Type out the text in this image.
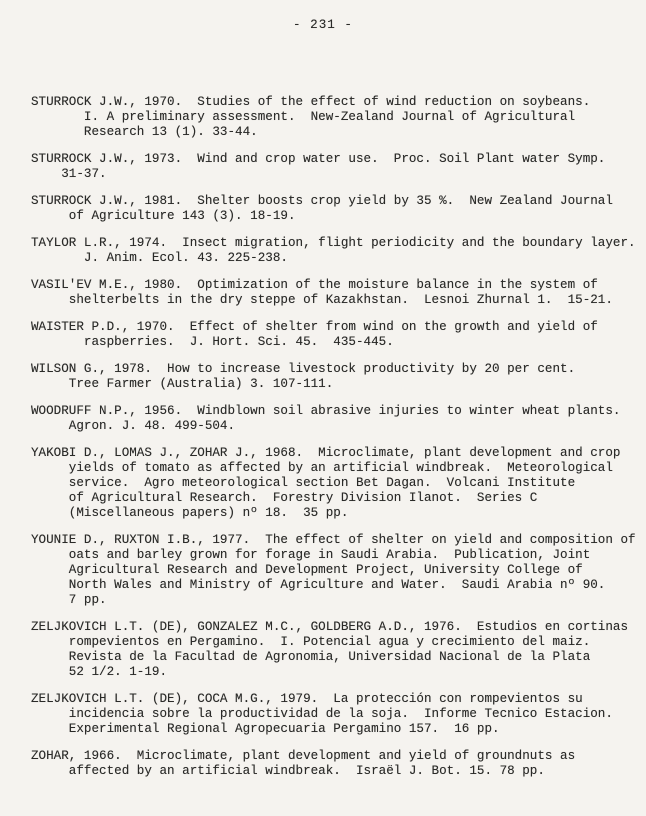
- 231 -
STURROCK J.W., 1970.  Studies of the effect of wind reduction on soybeans.
I. A preliminary assessment.  New-Zealand Journal of Agricultural
Research 13 (1). 33-44.
STURROCK J.W., 1973.  Wind and crop water use.  Proc. Soil Plant water Symp.
31-37.
STURROCK J.W., 1981.  Shelter boosts crop yield by 35 %.  New Zealand Journal
of Agriculture 143 (3). 18-19.
TAYLOR L.R., 1974.  Insect migration, flight periodicity and the boundary layer.
J. Anim. Ecol. 43. 225-238.
VASIL'EV M.E., 1980.  Optimization of the moisture balance in the system of
shelterbelts in the dry steppe of Kazakhstan.  Lesnoi Zhurnal 1.  15-21.
WAISTER P.D., 1970.  Effect of shelter from wind on the growth and yield of
raspberries.  J. Hort. Sci. 45.  435-445.
WILSON G., 1978.  How to increase livestock productivity by 20 per cent.
Tree Farmer (Australia) 3. 107-111.
WOODRUFF N.P., 1956.  Windblown soil abrasive injuries to winter wheat plants.
Agron. J. 48. 499-504.
YAKOBI D., LOMAS J., ZOHAR J., 1968.  Microclimate, plant development and crop
yields of tomato as affected by an artificial windbreak.  Meteorological
service.  Agro meteorological section Bet Dagan.  Volcani Institute
of Agricultural Research.  Forestry Division Ilanot.  Series C
(Miscellaneous papers) nº 18.  35 pp.
YOUNIE D., RUXTON I.B., 1977.  The effect of shelter on yield and composition of
oats and barley grown for forage in Saudi Arabia.  Publication, Joint
Agricultural Research and Development Project, University College of
North Wales and Ministry of Agriculture and Water.  Saudi Arabia nº 90.
7 pp.
ZELJKOVICH L.T. (DE), GONZALEZ M.C., GOLDBERG A.D., 1976.  Estudios en cortinas
rompevientos en Pergamino.  I. Potencial agua y crecimiento del maiz.
Revista de la Facultad de Agronomia, Universidad Nacional de la Plata
52 1/2. 1-19.
ZELJKOVICH L.T. (DE), COCA M.G., 1979.  La protección con rompevientos su
incidencia sobre la productividad de la soja.  Informe Tecnico Estacion.
Experimental Regional Agropecuaria Pergamino 157.  16 pp.
ZOHAR, 1966.  Microclimate, plant development and yield of groundnuts as
affected by an artificial windbreak.  Israël J. Bot. 15. 78 pp.
